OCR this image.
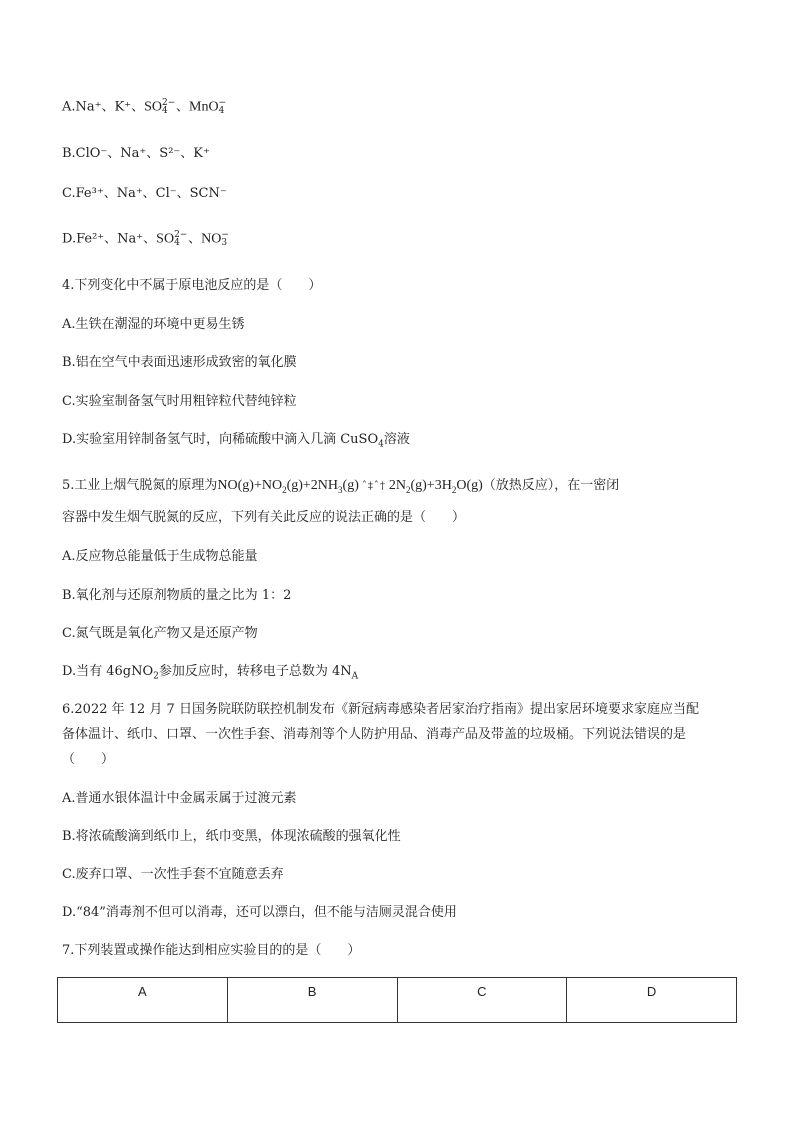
A.Na⁺、K⁺、SO 2−
4 、MnO −
4
B.ClO⁻、Na⁺、S²⁻、K⁺
C.Fe³⁺、Na⁺、Cl⁻、SCN⁻
D.Fe²⁺、Na⁺、SO 2−
4 、NO −
3
4.下列变化中不属于原电池反应的是（　　）
A.生铁在潮湿的环境中更易生锈
B.铝在空气中表面迅速形成致密的氧化膜
C.实验室制备氢气时用粗锌粒代替纯锌粒
D.实验室用锌制备氢气时，向稀硫酸中滴入几滴 CuSO$_4$溶液
5.工业上烟气脱氮的原理为$NO(g)+NO_2(g)+2NH_3(g)$ ˆ‡ˆ† $2N_2(g)+3H_2O(g)$（放热反应），在一密闭
容器中发生烟气脱氮的反应，下列有关此反应的说法正确的是（　　）
A.反应物总能量低于生成物总能量
B.氧化剂与还原剂物质的量之比为 1：2
C.氮气既是氧化产物又是还原产物
D.当有 46gNO$_2$参加反应时，转移电子总数为 $4N_A$
6.2022 年 12 月 7 日国务院联防联控机制发布《新冠病毒感染者居家治疗指南》提出家居环境要求家庭应当配
备体温计、纸巾、口罩、一次性手套、消毒剂等个人防护用品、消毒产品及带盖的垃圾桶。下列说法错误的是
（　　）
A.普通水银体温计中金属汞属于过渡元素
B.将浓硫酸滴到纸巾上，纸巾变黑，体现浓硫酸的强氧化性
C.废弃口罩、一次性手套不宜随意丢弃
D.“84”消毒剂不但可以消毒，还可以漂白，但不能与洁厕灵混合使用
7.下列装置或操作能达到相应实验目的的是（　　）
A	B	C	D
